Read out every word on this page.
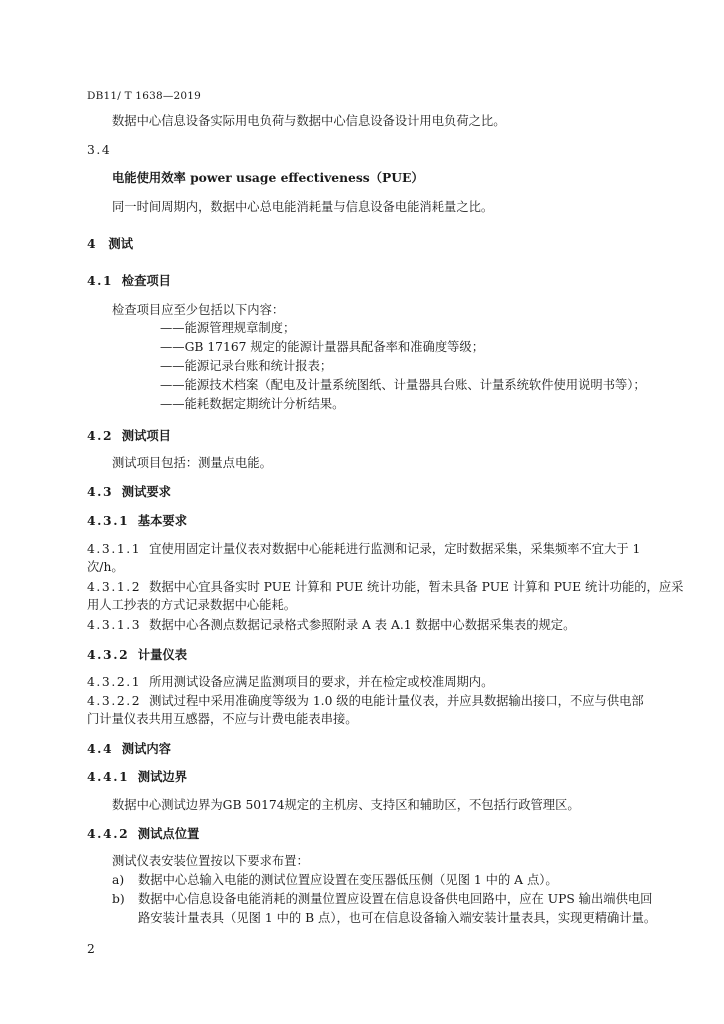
DB11/ T 1638—2019
数据中心信息设备实际用电负荷与数据中心信息设备设计用电负荷之比。
3.4
电能使用效率 power usage effectiveness（PUE）
同一时间周期内，数据中心总电能消耗量与信息设备电能消耗量之比。
4 测试
4.1 检查项目
检查项目应至少包括以下内容：
——能源管理规章制度；
——GB 17167 规定的能源计量器具配备率和准确度等级；
——能源记录台账和统计报表；
——能源技术档案（配电及计量系统图纸、计量器具台账、计量系统软件使用说明书等）；
——能耗数据定期统计分析结果。
4.2 测试项目
测试项目包括：测量点电能。
4.3 测试要求
4.3.1 基本要求
4.3.1.1 宜使用固定计量仪表对数据中心能耗进行监测和记录，定时数据采集，采集频率不宜大于 1
次/h。
4.3.1.2 数据中心宜具备实时 PUE 计算和 PUE 统计功能，暂未具备 PUE 计算和 PUE 统计功能的，应采
用人工抄表的方式记录数据中心能耗。
4.3.1.3 数据中心各测点数据记录格式参照附录 A 表 A.1 数据中心数据采集表的规定。
4.3.2 计量仪表
4.3.2.1 所用测试设备应满足监测项目的要求，并在检定或校准周期内。
4.3.2.2 测试过程中采用准确度等级为 1.0 级的电能计量仪表，并应具数据输出接口，不应与供电部
门计量仪表共用互感器，不应与计费电能表串接。
4.4 测试内容
4.4.1 测试边界
数据中心测试边界为GB 50174规定的主机房、支持区和辅助区，不包括行政管理区。
4.4.2 测试点位置
测试仪表安装位置按以下要求布置：
a) 数据中心总输入电能的测试位置应设置在变压器低压侧（见图 1 中的 A 点）。
b) 数据中心信息设备电能消耗的测量位置应设置在信息设备供电回路中，应在 UPS 输出端供电回
路安装计量表具（见图 1 中的 B 点），也可在信息设备输入端安装计量表具，实现更精确计量。
2
